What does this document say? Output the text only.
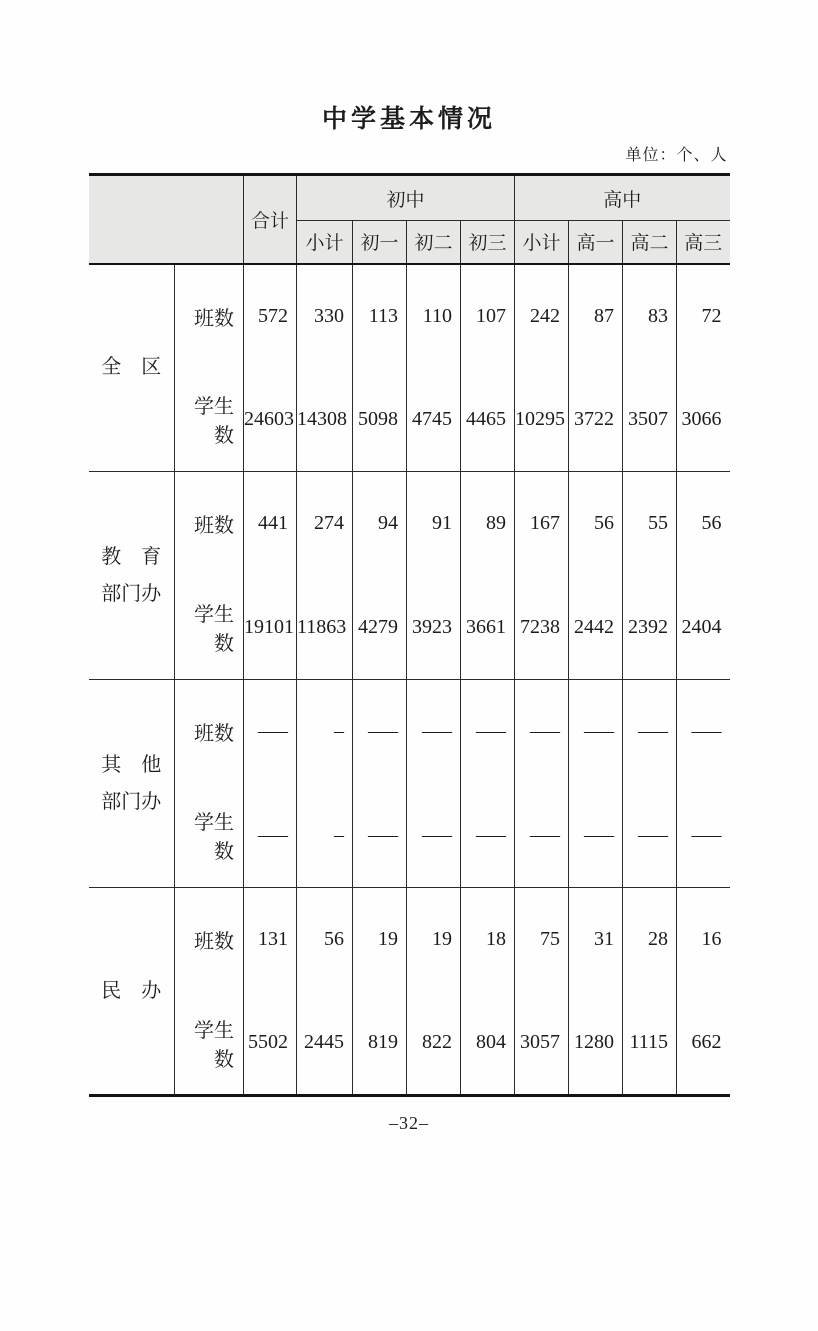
中学基本情况
单位：个、人
		合计	初中				高中			
			小计	初一	初二	初三	小计	高一	高二	高三

全　区	班数	572	330	113	110	107	242	87	83	72
	学生数	24603	14308	5098	4745	4465	10295	3722	3507	3066

教　育
部门办	班数	441	274	94	91	89	167	56	55	56
	学生数	19101	11863	4279	3923	3661	7238	2442	2392	2404

其　他
部门办	班数	–––	–	–––	–––	–––	–––	–––	–––	–––
	学生数	–––	–	–––	–––	–––	–––	–––	–––	–––

民　办	班数	131	56	19	19	18	75	31	28	16
	学生数	5502	2445	819	822	804	3057	1280	1115	662
–32–
